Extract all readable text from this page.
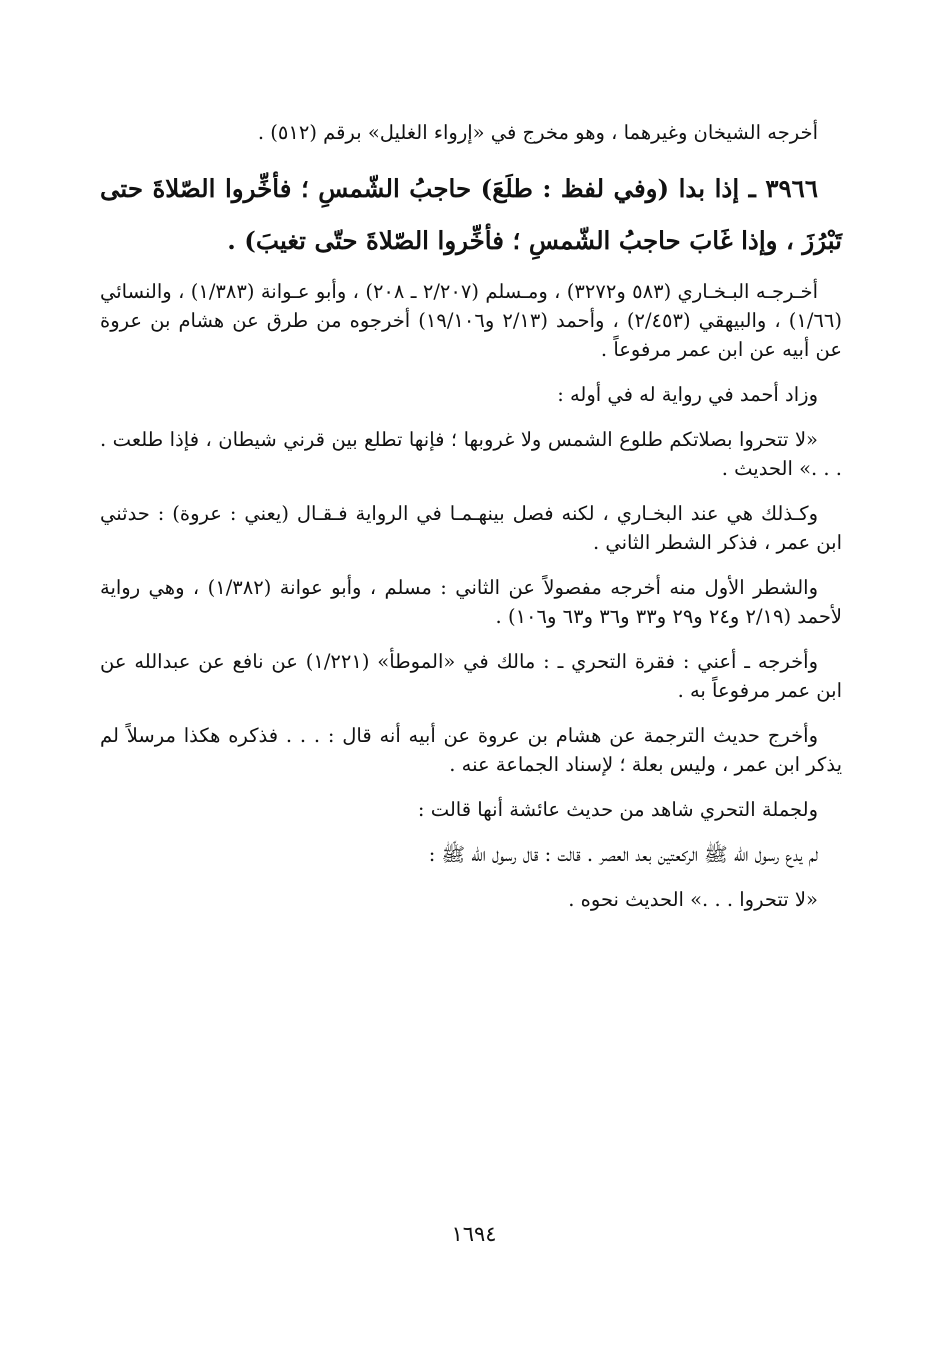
أخرجه الشيخان وغيرهما ، وهو مخرج في «إرواء الغليل» برقم (٥١٢) .

٣٩٦٦ ـ إذا بدا (وفي لفظ : طلَعَ) حاجبُ الشّمسِ ؛ فأخِّروا الصّلاةَ حتى تَبْرُزَ ، وإذا غَابَ حاجبُ الشّمسِ ؛ فأخِّروا الصّلاةَ حتّى تغيبَ) .

أخـرجـه البـخـاري (٥٨٣ و٣٢٧٢) ، ومـسلم (٢/٢٠٧ ـ ٢٠٨) ، وأبو عـوانة (١/٣٨٣) ، والنسائي (١/٦٦) ، والبيهقي (٢/٤٥٣) ، وأحمد (٢/١٣ و١٩/١٠٦) أخرجوه من طرق عن هشام بن عروة عن أبيه عن ابن عمر مرفوعاً .

وزاد أحمد في رواية له في أوله :

«لا تتحروا بصلاتكم طلوع الشمس ولا غروبها ؛ فإنها تطلع بين قرني شيطان ، فإذا طلعت . . . .» الحديث .

وكـذلك هي عند البخـاري ، لكنه فصل بينهـمـا في الرواية فـقـال (يعني : عروة) : حدثني ابن عمر ، فذكر الشطر الثاني .

والشطر الأول منه أخرجه مفصولاً عن الثاني : مسلم ، وأبو عوانة (١/٣٨٢) ، وهي رواية لأحمد (٢/١٩ و٢٤ و٢٩ و٣٣ و٣٦ و٦٣ و١٠٦) .

وأخرجه ـ أعني : فقرة التحري ـ : مالك في «الموطأ» (١/٢٢١) عن نافع عن عبدالله عن ابن عمر مرفوعاً به .

وأخرج حديث الترجمة عن هشام بن عروة عن أبيه أنه قال : . . . فذكره هكذا مرسلاً لم يذكر ابن عمر ، وليس بعلة ؛ لإسناد الجماعة عنه .

ولجملة التحري شاهد من حديث عائشة أنها قالت :

لم يدع رسول الله ﷺ الركعتين بعد العصر . قالت : قال رسول الله ﷺ :

«لا تتحروا . . .» الحديث نحوه .

١٦٩٤
